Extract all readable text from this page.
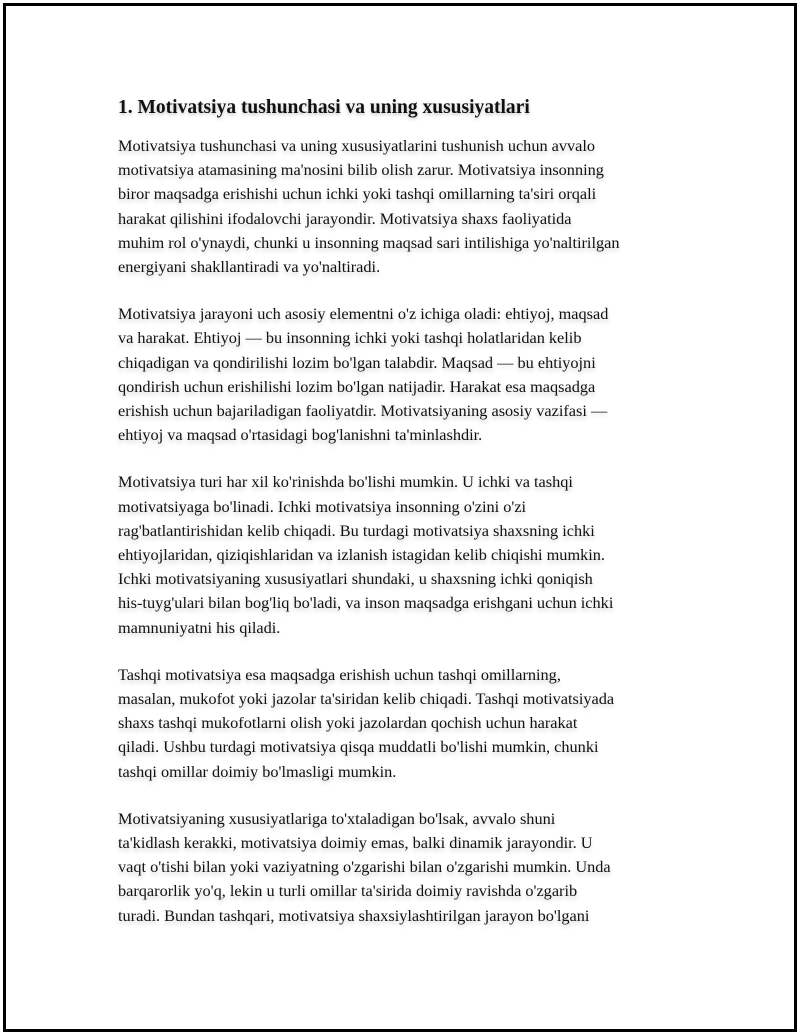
1. Motivatsiya tushunchasi va uning xususiyatlari

Motivatsiya tushunchasi va uning xususiyatlarini tushunish uchun avvalo
motivatsiya atamasining ma'nosini bilib olish zarur. Motivatsiya insonning
biror maqsadga erishishi uchun ichki yoki tashqi omillarning ta'siri orqali
harakat qilishini ifodalovchi jarayondir. Motivatsiya shaxs faoliyatida
muhim rol o'ynaydi, chunki u insonning maqsad sari intilishiga yo'naltirilgan
energiyani shakllantiradi va yo'naltiradi.

Motivatsiya jarayoni uch asosiy elementni o'z ichiga oladi: ehtiyoj, maqsad
va harakat. Ehtiyoj — bu insonning ichki yoki tashqi holatlaridan kelib
chiqadigan va qondirilishi lozim bo'lgan talabdir. Maqsad — bu ehtiyojni
qondirish uchun erishilishi lozim bo'lgan natijadir. Harakat esa maqsadga
erishish uchun bajariladigan faoliyatdir. Motivatsiyaning asosiy vazifasi —
ehtiyoj va maqsad o'rtasidagi bog'lanishni ta'minlashdir.

Motivatsiya turi har xil ko'rinishda bo'lishi mumkin. U ichki va tashqi
motivatsiyaga bo'linadi. Ichki motivatsiya insonning o'zini o'zi
rag'batlantirishidan kelib chiqadi. Bu turdagi motivatsiya shaxsning ichki
ehtiyojlaridan, qiziqishlaridan va izlanish istagidan kelib chiqishi mumkin.
Ichki motivatsiyaning xususiyatlari shundaki, u shaxsning ichki qoniqish
his-tuyg'ulari bilan bog'liq bo'ladi, va inson maqsadga erishgani uchun ichki
mamnuniyatni his qiladi.

Tashqi motivatsiya esa maqsadga erishish uchun tashqi omillarning,
masalan, mukofot yoki jazolar ta'siridan kelib chiqadi. Tashqi motivatsiyada
shaxs tashqi mukofotlarni olish yoki jazolardan qochish uchun harakat
qiladi. Ushbu turdagi motivatsiya qisqa muddatli bo'lishi mumkin, chunki
tashqi omillar doimiy bo'lmasligi mumkin.

Motivatsiyaning xususiyatlariga to'xtaladigan bo'lsak, avvalo shuni
ta'kidlash kerakki, motivatsiya doimiy emas, balki dinamik jarayondir. U
vaqt o'tishi bilan yoki vaziyatning o'zgarishi bilan o'zgarishi mumkin. Unda
barqarorlik yo'q, lekin u turli omillar ta'sirida doimiy ravishda o'zgarib
turadi. Bundan tashqari, motivatsiya shaxsiylashtirilgan jarayon bo'lgani
